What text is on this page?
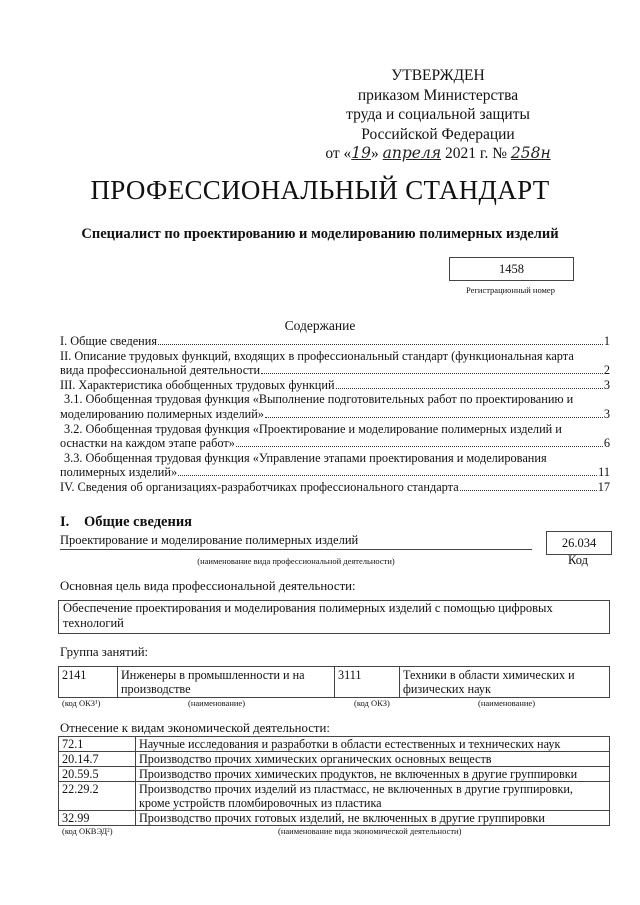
УТВЕРЖДЕН
приказом Министерства
труда и социальной защиты
Российской Федерации
от «19» апреля 2021 г. № 258н
ПРОФЕССИОНАЛЬНЫЙ СТАНДАРТ
Специалист по проектированию и моделированию полимерных изделий
1458
Регистрационный номер
Содержание
I. Общие сведения	1
II. Описание трудовых функций, входящих в профессиональный стандарт (функциональная карта
вида профессиональной деятельности	2
III. Характеристика обобщенных трудовых функций	3
3.1. Обобщенная трудовая функция «Выполнение подготовительных работ по проектированию и
моделированию полимерных изделий»	3
3.2. Обобщенная трудовая функция «Проектирование и моделирование полимерных изделий и
оснастки на каждом этапе работ»	6
3.3. Обобщенная трудовая функция «Управление этапами проектирования и моделирования
полимерных изделий»	11
IV. Сведения об организациях-разработчиках профессионального стандарта	17
I. Общие сведения
Проектирование и моделирование полимерных изделий	26.034
(наименование вида профессиональной деятельности)	Код
Основная цель вида профессиональной деятельности:
Обеспечение проектирования и моделирования полимерных изделий с помощью цифровых технологий
Группа занятий:
2141	Инженеры в промышленности и на производстве	3111	Техники в области химических и физических наук
(код ОКЗ¹)	(наименование)	(код ОКЗ)	(наименование)
Отнесение к видам экономической деятельности:
72.1	Научные исследования и разработки в области естественных и технических наук
20.14.7	Производство прочих химических органических основных веществ
20.59.5	Производство прочих химических продуктов, не включенных в другие группировки
22.29.2	Производство прочих изделий из пластмасс, не включенных в другие группировки, кроме устройств пломбировочных из пластика
32.99	Производство прочих готовых изделий, не включенных в другие группировки
(код ОКВЭД²)	(наименование вида экономической деятельности)
